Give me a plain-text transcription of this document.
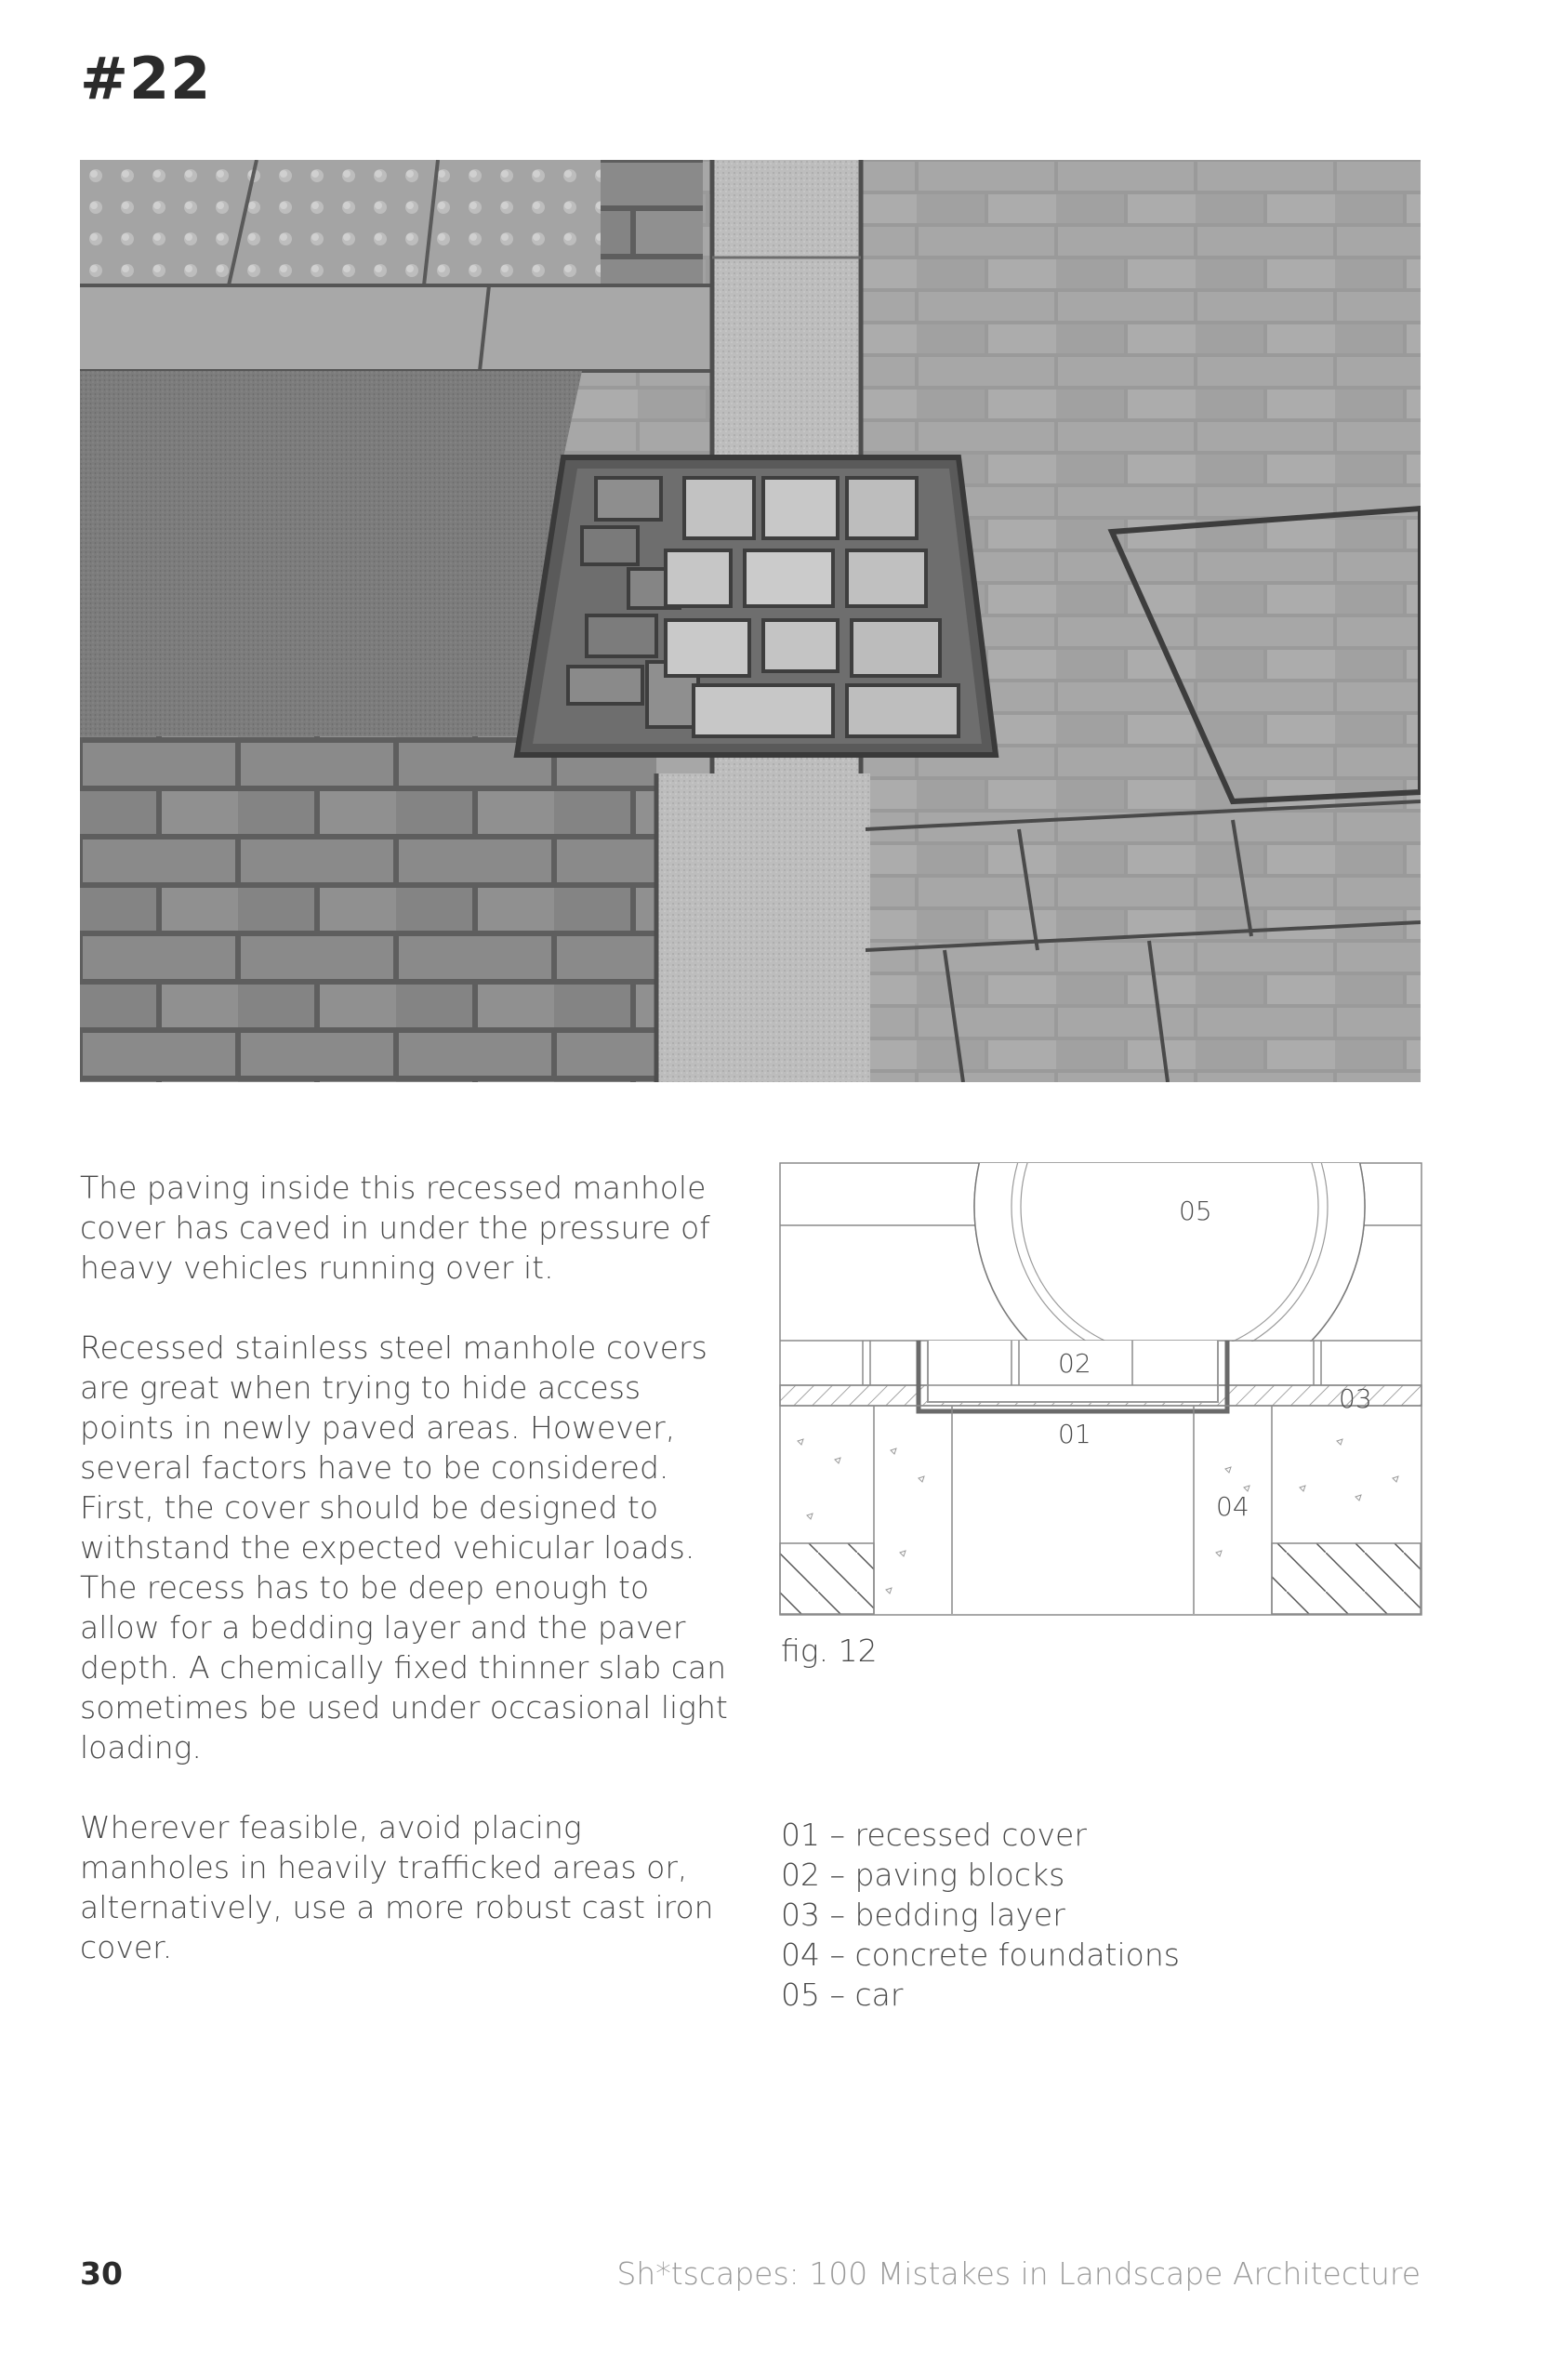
#22

The paving inside this recessed manhole cover has caved in under the pressure of heavy vehicles running over it.

Recessed stainless steel manhole covers are great when trying to hide access points in newly paved areas. However, several factors have to be considered. First, the cover should be designed to withstand the expected vehicular loads. The recess has to be deep enough to allow for a bedding layer and the paver depth. A chemically fixed thinner slab can sometimes be used under occasional light loading.

Wherever feasible, avoid placing manholes in heavily trafficked areas or, alternatively, use a more robust cast iron cover.

05
02
03
01
04
fig. 12
01 – recessed cover
02 – paving blocks
03 – bedding layer
04 – concrete foundations
05 – car
30	Sh*tscapes: 100 Mistakes in Landscape Architecture
